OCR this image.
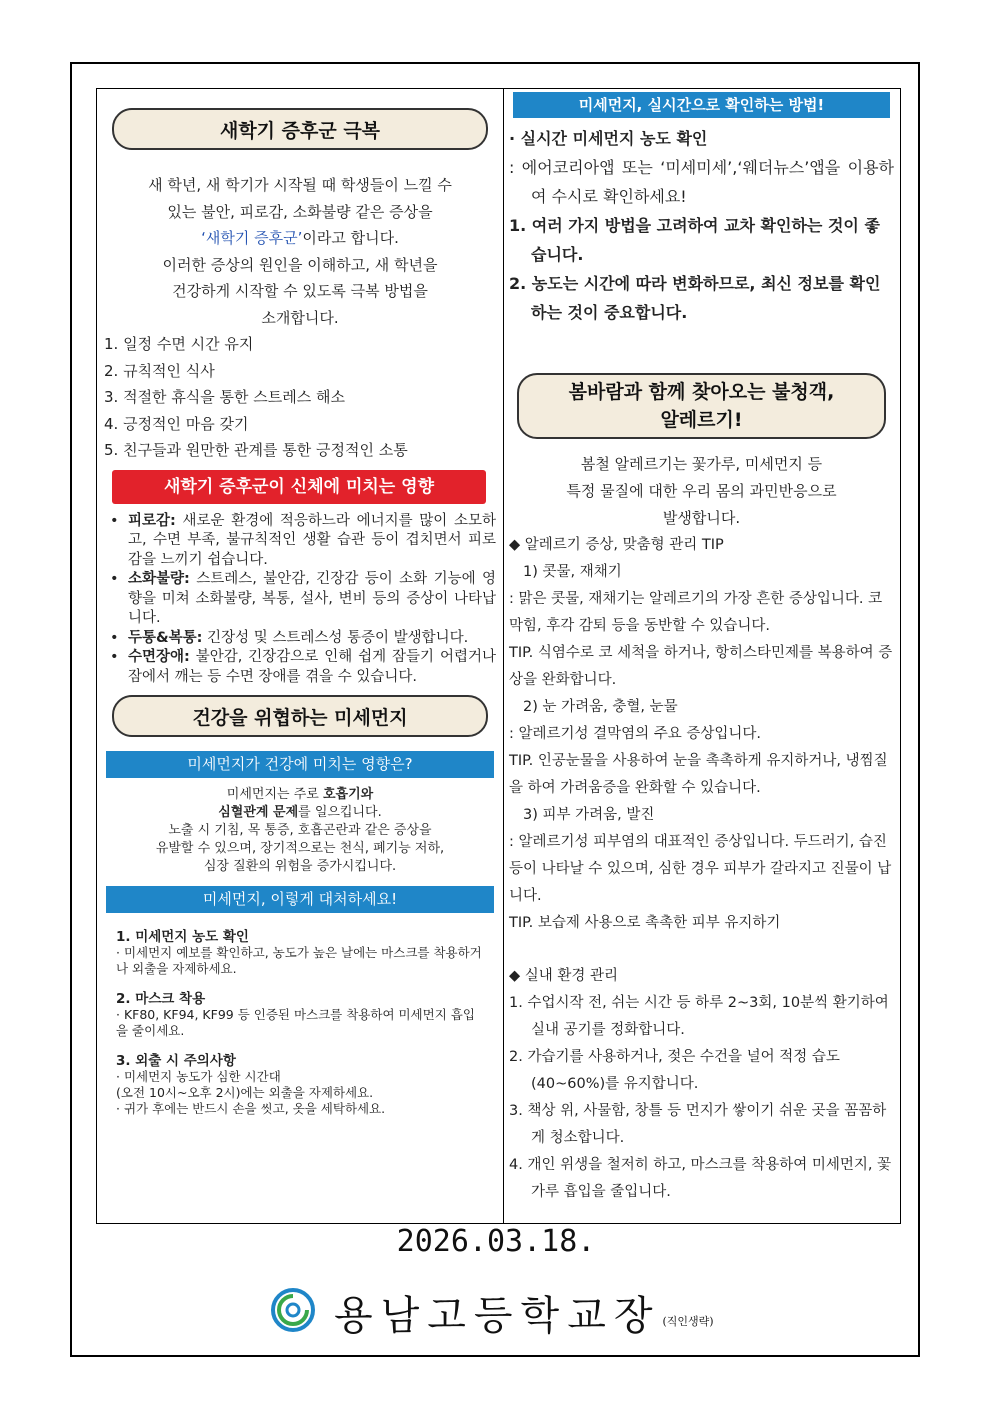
새학기 증후군 극복
새 학년, 새 학기가 시작될 때 학생들이 느낄 수
있는 불안, 피로감, 소화불량 같은 증상을
‘새학기 증후군’이라고 합니다.
이러한 증상의 원인을 이해하고, 새 학년을
건강하게 시작할 수 있도록 극복 방법을
소개합니다.
1. 일정 수면 시간 유지
2. 규칙적인 식사
3. 적절한 휴식을 통한 스트레스 해소
4. 긍정적인 마음 갖기
5. 친구들과 원만한 관계를 통한 긍정적인 소통
새학기 증후군이 신체에 미치는 영향
• 피로감: 새로운 환경에 적응하느라 에너지를 많이 소모하고, 수면 부족, 불규칙적인 생활 습관 등이 겹치면서 피로감을 느끼기 쉽습니다.
• 소화불량: 스트레스, 불안감, 긴장감 등이 소화 기능에 영향을 미쳐 소화불량, 복통, 설사, 변비 등의 증상이 나타납니다.
• 두통&복통: 긴장성 및 스트레스성 통증이 발생합니다.
• 수면장애: 불안감, 긴장감으로 인해 쉽게 잠들기 어렵거나 잠에서 깨는 등 수면 장애를 겪을 수 있습니다.
건강을 위협하는 미세먼지
미세먼지가 건강에 미치는 영향은?
미세먼지는 주로 호흡기와
심혈관계 문제를 일으킵니다.
노출 시 기침, 목 통증, 호흡곤란과 같은 증상을
유발할 수 있으며, 장기적으로는 천식, 폐기능 저하,
심장 질환의 위험을 증가시킵니다.
미세먼지, 이렇게 대처하세요!
1. 미세먼지 농도 확인
· 미세먼지 예보를 확인하고, 농도가 높은 날에는 마스크를 착용하거나 외출을 자제하세요.
2. 마스크 착용
· KF80, KF94, KF99 등 인증된 마스크를 착용하여 미세먼지 흡입을 줄이세요.
3. 외출 시 주의사항
· 미세먼지 농도가 심한 시간대
(오전 10시~오후 2시)에는 외출을 자제하세요.
· 귀가 후에는 반드시 손을 씻고, 옷을 세탁하세요.
미세먼지, 실시간으로 확인하는 방법!
· 실시간 미세먼지 농도 확인
: 에어코리아앱 또는 ‘미세미세’,‘웨더뉴스’앱을 이용하여 수시로 확인하세요!
1. 여러 가지 방법을 고려하여 교차 확인하는 것이 좋습니다.
2. 농도는 시간에 따라 변화하므로, 최신 정보를 확인하는 것이 중요합니다.
봄바람과 함께 찾아오는 불청객,
알레르기!
봄철 알레르기는 꽃가루, 미세먼지 등
특정 물질에 대한 우리 몸의 과민반응으로
발생합니다.
◆ 알레르기 증상, 맞춤형 관리 TIP
1) 콧물, 재채기
: 맑은 콧물, 재채기는 알레르기의 가장 흔한 증상입니다. 코막힘, 후각 감퇴 등을 동반할 수 있습니다.
TIP. 식염수로 코 세척을 하거나, 항히스타민제를 복용하여 증상을 완화합니다.
2) 눈 가려움, 충혈, 눈물
: 알레르기성 결막염의 주요 증상입니다.
TIP. 인공눈물을 사용하여 눈을 촉촉하게 유지하거나, 냉찜질을 하여 가려움증을 완화할 수 있습니다.
3) 피부 가려움, 발진
: 알레르기성 피부염의 대표적인 증상입니다. 두드러기, 습진 등이 나타날 수 있으며, 심한 경우 피부가 갈라지고 진물이 납니다.
TIP. 보습제 사용으로 촉촉한 피부 유지하기
◆ 실내 환경 관리
1. 수업시작 전, 쉬는 시간 등 하루 2~3회, 10분씩 환기하여 실내 공기를 정화합니다.
2. 가습기를 사용하거나, 젖은 수건을 널어 적정 습도(40~60%)를 유지합니다.
3. 책상 위, 사물함, 창틀 등 먼지가 쌓이기 쉬운 곳을 꼼꼼하게 청소합니다.
4. 개인 위생을 철저히 하고, 마스크를 착용하여 미세먼지, 꽃가루 흡입을 줄입니다.
2026.03.18.
용남고등학교장 (직인생략)
